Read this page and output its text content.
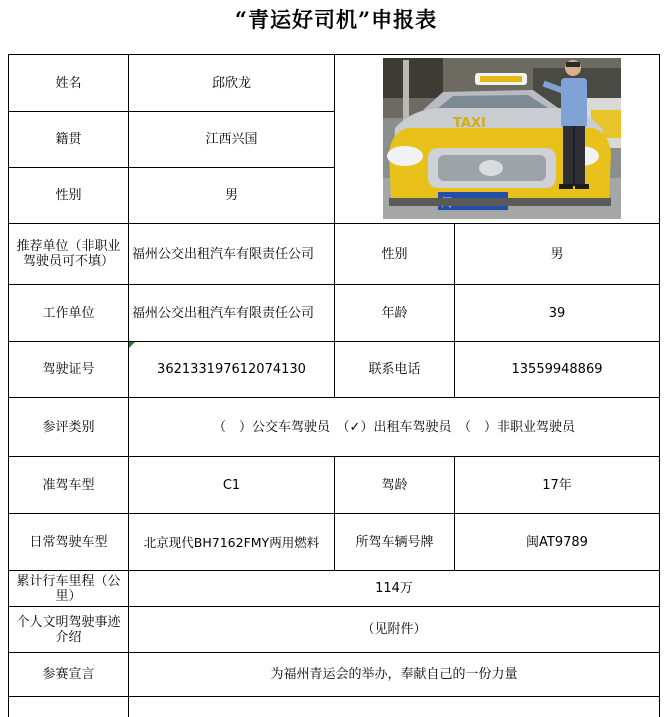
“青运好司机”申报表
姓名	邱欣龙
TAXI
籍贯	江西兴国
性别	男
推荐单位（非职业驾驶员可不填）	福州公交出租汽车有限责任公司	性别	男
工作单位	福州公交出租汽车有限责任公司	年龄	39
驾驶证号	362133197612074130	联系电话	13559948869
参评类别	（　）公交车驾驶员　（✓）出租车驾驶员　（　）非职业驾驶员
准驾车型	C1	驾龄	17年
日常驾驶车型	北京现代BH7162FMY两用燃料	所驾车辆号牌	闽AT9789
累计行车里程（公里）	114万
个人文明驾驶事迹介绍	（见附件）
参赛宣言	为福州青运会的举办，奉献自己的一份力量
